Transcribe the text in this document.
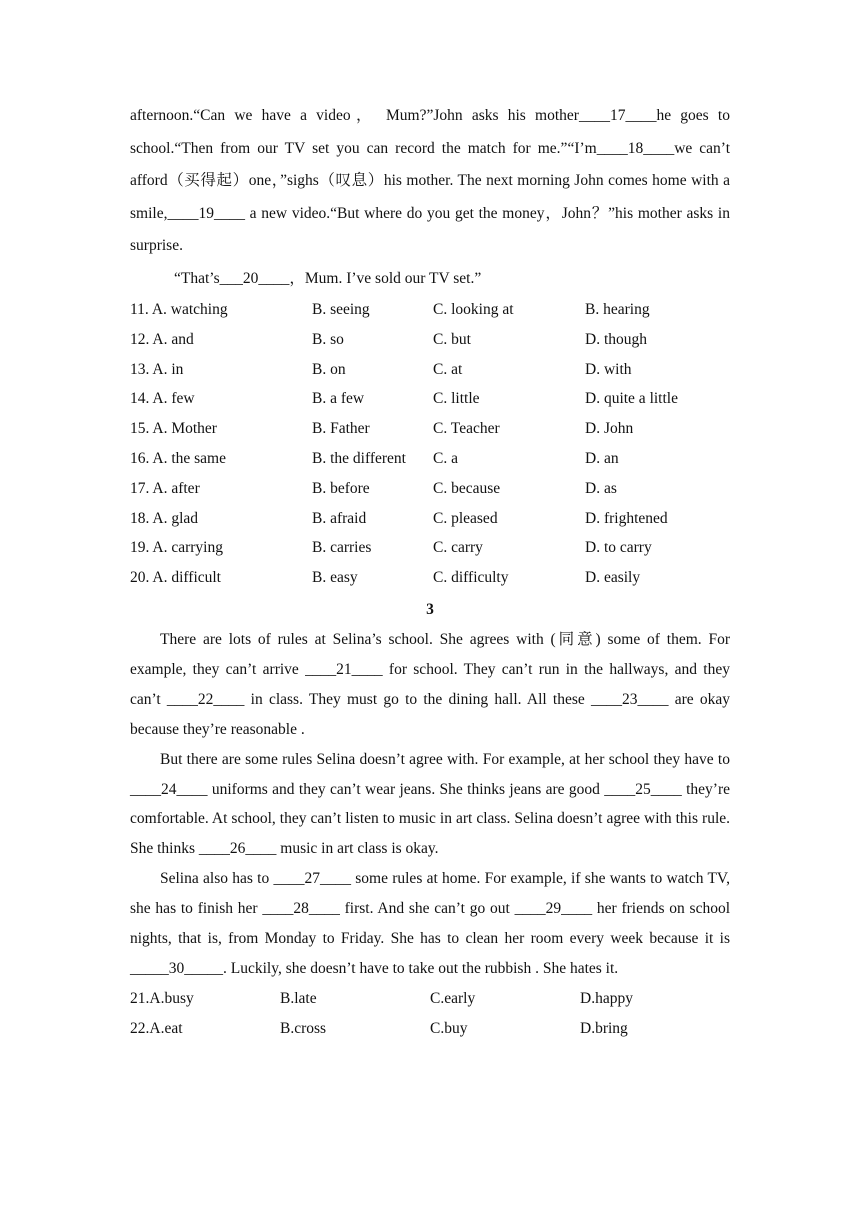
afternoon.“Can we have a video， Mum?”John asks his mother____17____he goes to school.“Then from our TV set you can record the match for me.”“I’m____18____we can’t afford（买得起）one，”sighs（叹息）his mother. The next morning John comes home with a smile,____19____ a new video.“But where do you get the money，John？”his mother asks in surprise.

“That’s___20____，Mum. I’ve sold our TV set.”

11. A. watching	B. seeing	C. looking at	B. hearing
12. A. and	B. so	C. but	D. though
13. A. in	B. on	C. at	D. with
14. A. few	B. a few	C. little	D. quite a little
15. A. Mother	B. Father	C. Teacher	D. John
16. A. the same	B. the different	C. a	D. an
17. A. after	B. before	C. because	D. as
18. A. glad	B. afraid	C. pleased	D. frightened
19. A. carrying	B. carries	C. carry	D. to carry
20. A. difficult	B. easy	C. difficulty	D. easily
3

There are lots of rules at Selina’s school. She agrees with (同意) some of them. For example, they can’t arrive ____21____ for school. They can’t run in the hallways, and they can’t ____22____ in class. They must go to the dining hall. All these ____23____ are okay because they’re reasonable .

But there are some rules Selina doesn’t agree with. For example, at her school they have to ____24____ uniforms and they can’t wear jeans. She thinks jeans are good ____25____ they’re comfortable. At school, they can’t listen to music in art class. Selina doesn’t agree with this rule. She thinks ____26____ music in art class is okay.

Selina also has to ____27____ some rules at home. For example, if she wants to watch TV, she has to finish her ____28____ first. And she can’t go out ____29____ her friends on school nights, that is, from Monday to Friday. She has to clean her room every week because it is _____30_____. Luckily, she doesn’t have to take out the rubbish . She hates it.

21.A.busy	B.late	C.early	D.happy
22.A.eat	B.cross	C.buy	D.bring
